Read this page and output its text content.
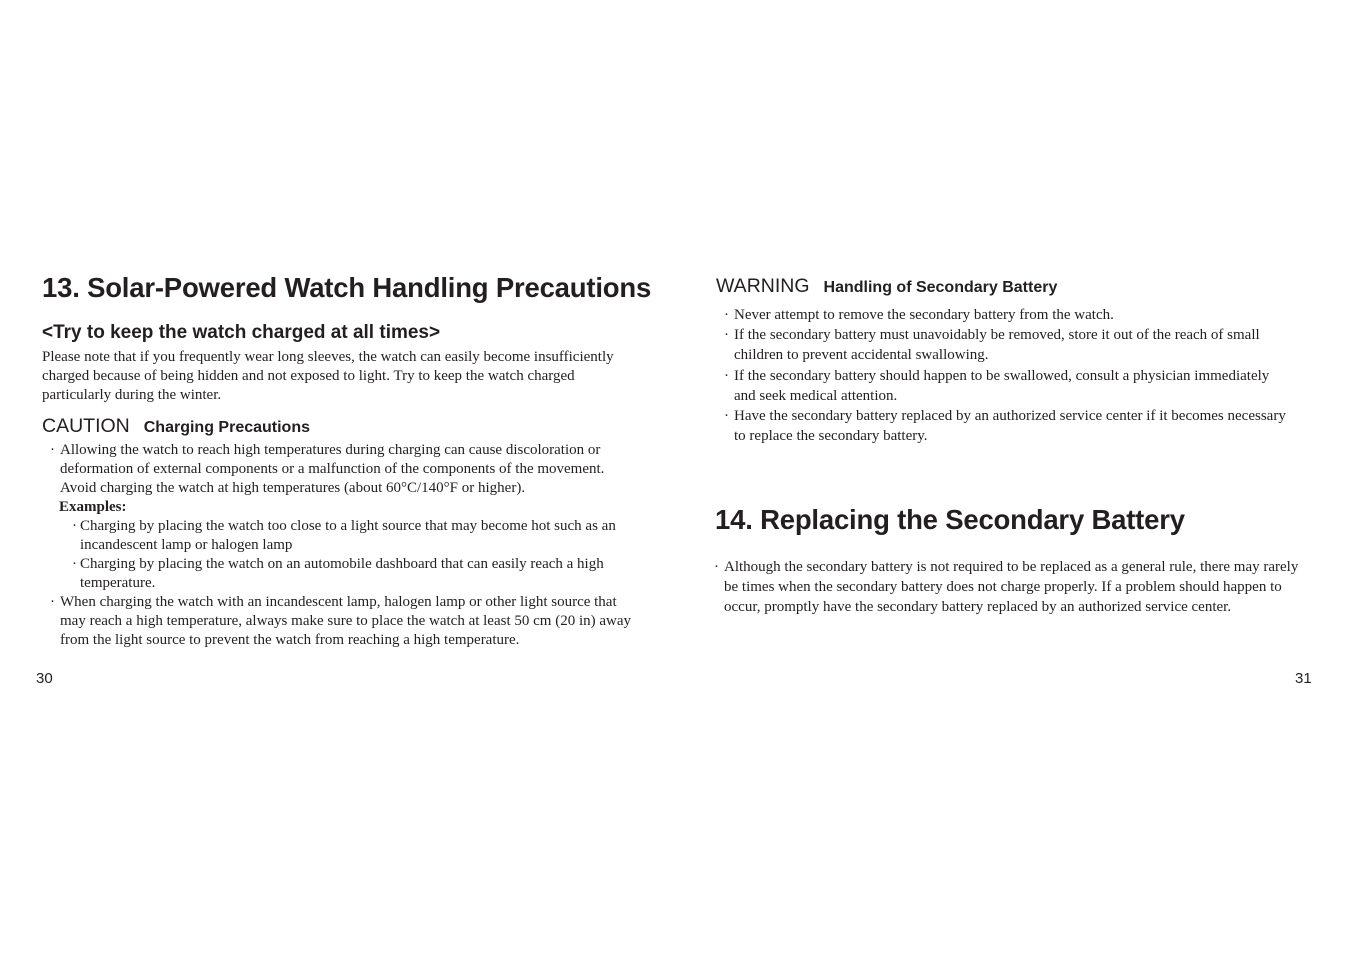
13. Solar-Powered Watch Handling Precautions
<Try to keep the watch charged at all times>

Please note that if you frequently wear long sleeves, the watch can easily become insufficiently charged because of being hidden and not exposed to light. Try to keep the watch charged particularly during the winter.

CAUTION Charging Precautions
· Allowing the watch to reach high temperatures during charging can cause discoloration or deformation of external components or a malfunction of the components of the movement.
Avoid charging the watch at high temperatures (about 60°C/140°F or higher).
Examples:
· Charging by placing the watch too close to a light source that may become hot such as an incandescent lamp or halogen lamp
· Charging by placing the watch on an automobile dashboard that can easily reach a high temperature.
· When charging the watch with an incandescent lamp, halogen lamp or other light source that may reach a high temperature, always make sure to place the watch at least 50 cm (20 in) away from the light source to prevent the watch from reaching a high temperature.
30
WARNING Handling of Secondary Battery
· Never attempt to remove the secondary battery from the watch.
· If the secondary battery must unavoidably be removed, store it out of the reach of small children to prevent accidental swallowing.
· If the secondary battery should happen to be swallowed, consult a physician immediately and seek medical attention.
· Have the secondary battery replaced by an authorized service center if it becomes necessary to replace the secondary battery.
14. Replacing the Secondary Battery
· Although the secondary battery is not required to be replaced as a general rule, there may rarely be times when the secondary battery does not charge properly. If a problem should happen to occur, promptly have the secondary battery replaced by an authorized service center.
31
